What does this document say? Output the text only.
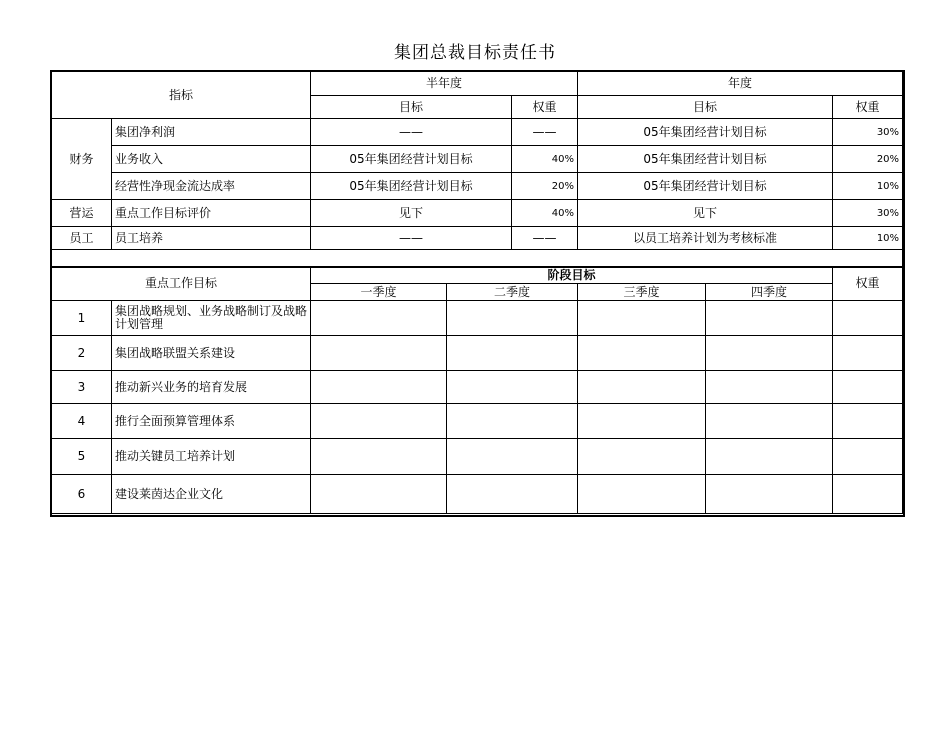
集团总裁目标责任书
指标		半年度		年度	
		目标	权重	目标	权重
财务	集团净利润	——	——	05年集团经营计划目标	30%
	业务收入	05年集团经营计划目标	40%	05年集团经营计划目标	20%
	经营性净现金流达成率	05年集团经营计划目标	20%	05年集团经营计划目标	10%
营运	重点工作目标评价	见下	40%	见下	30%
员工	员工培养	——	——	以员工培养计划为考核标准	10%

重点工作目标		阶段目标				权重
		一季度	二季度	三季度	四季度	
1	集团战略规划、业务战略制订及战略计划管理					
2	集团战略联盟关系建设					
3	推动新兴业务的培育发展					
4	推行全面预算管理体系					
5	推动关键员工培养计划					
6	建设莱茵达企业文化					
